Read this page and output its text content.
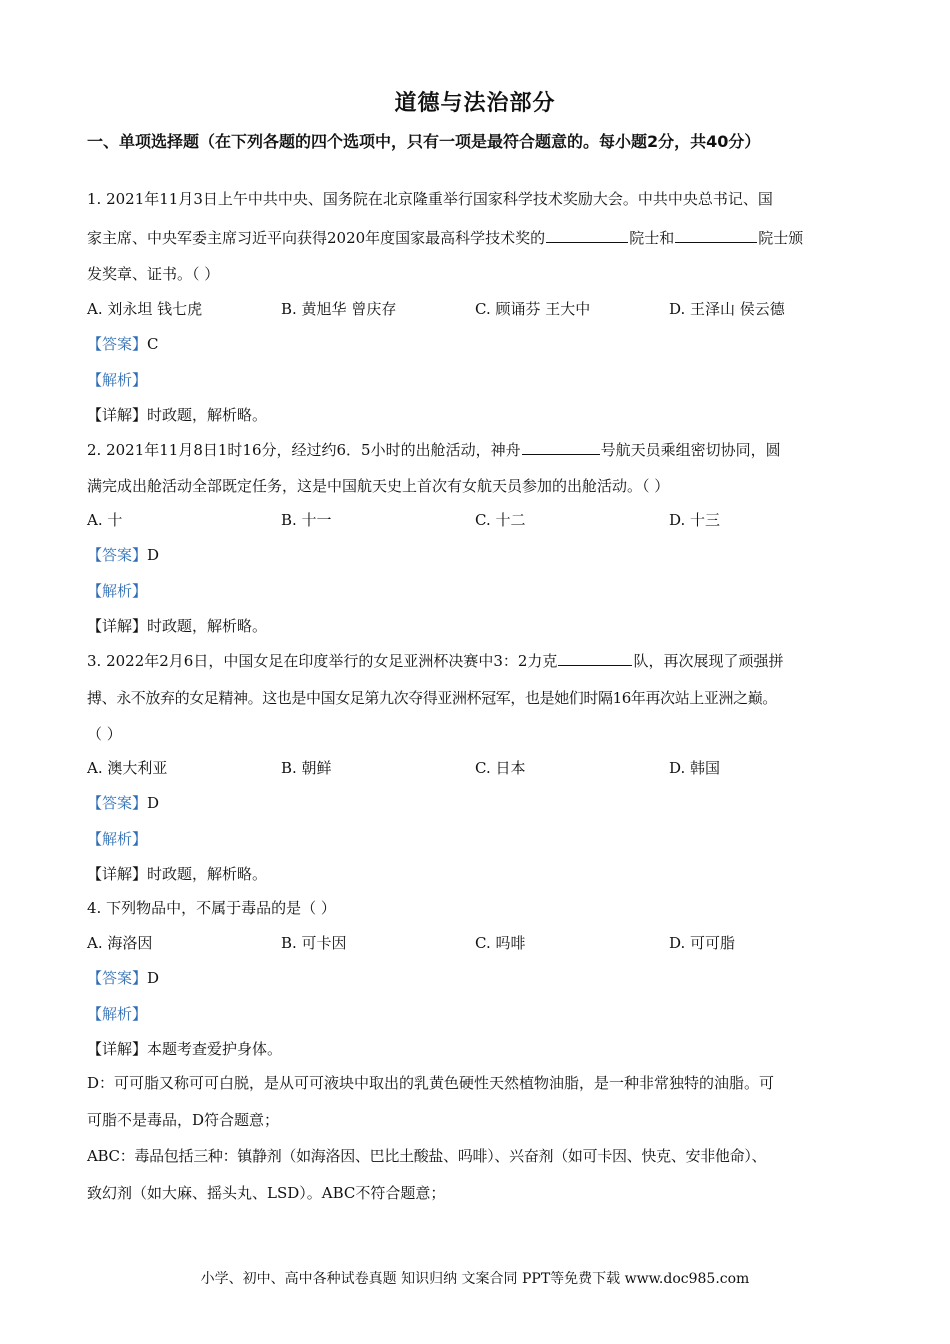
道德与法治部分
一、单项选择题（在下列各题的四个选项中，只有一项是最符合题意的。每小题2分，共40分）
1. 2021年11月3日上午中共中央、国务院在北京隆重举行国家科学技术奖励大会。中共中央总书记、国
家主席、中央军委主席习近平向获得2020年度国家最高科学技术奖的	院士和	院士颁
发奖章、证书。（ ）
A. 刘永坦 钱七虎	B. 黄旭华 曾庆存	C. 顾诵芬 王大中	D. 王泽山 侯云德
【答案】C
【解析】
【详解】时政题，解析略。
2. 2021年11月8日1时16分，经过约6．5小时的出舱活动，神舟	号航天员乘组密切协同，圆
满完成出舱活动全部既定任务，这是中国航天史上首次有女航天员参加的出舱活动。（ ）
A. 十	B. 十一	C. 十二	D. 十三
【答案】D
【解析】
【详解】时政题，解析略。
3. 2022年2月6日，中国女足在印度举行的女足亚洲杯决赛中3：2力克	队，再次展现了顽强拼
搏、永不放弃的女足精神。这也是中国女足第九次夺得亚洲杯冠军，也是她们时隔16年再次站上亚洲之巅。
（ ）
A. 澳大利亚	B. 朝鲜	C. 日本	D. 韩国
【答案】D
【解析】
【详解】时政题，解析略。
4. 下列物品中，不属于毒品的是（ ）
A. 海洛因	B. 可卡因	C. 吗啡	D. 可可脂
【答案】D
【解析】
【详解】本题考查爱护身体。
D：可可脂又称可可白脱，是从可可液块中取出的乳黄色硬性天然植物油脂，是一种非常独特的油脂。可
可脂不是毒品，D符合题意；
ABC：毒品包括三种：镇静剂（如海洛因、巴比土酸盐、吗啡）、兴奋剂（如可卡因、快克、安非他命）、
致幻剂（如大麻、摇头丸、LSD）。ABC不符合题意；
小学、初中、高中各种试卷真题 知识归纳 文案合同 PPT等免费下载 www.doc985.com
